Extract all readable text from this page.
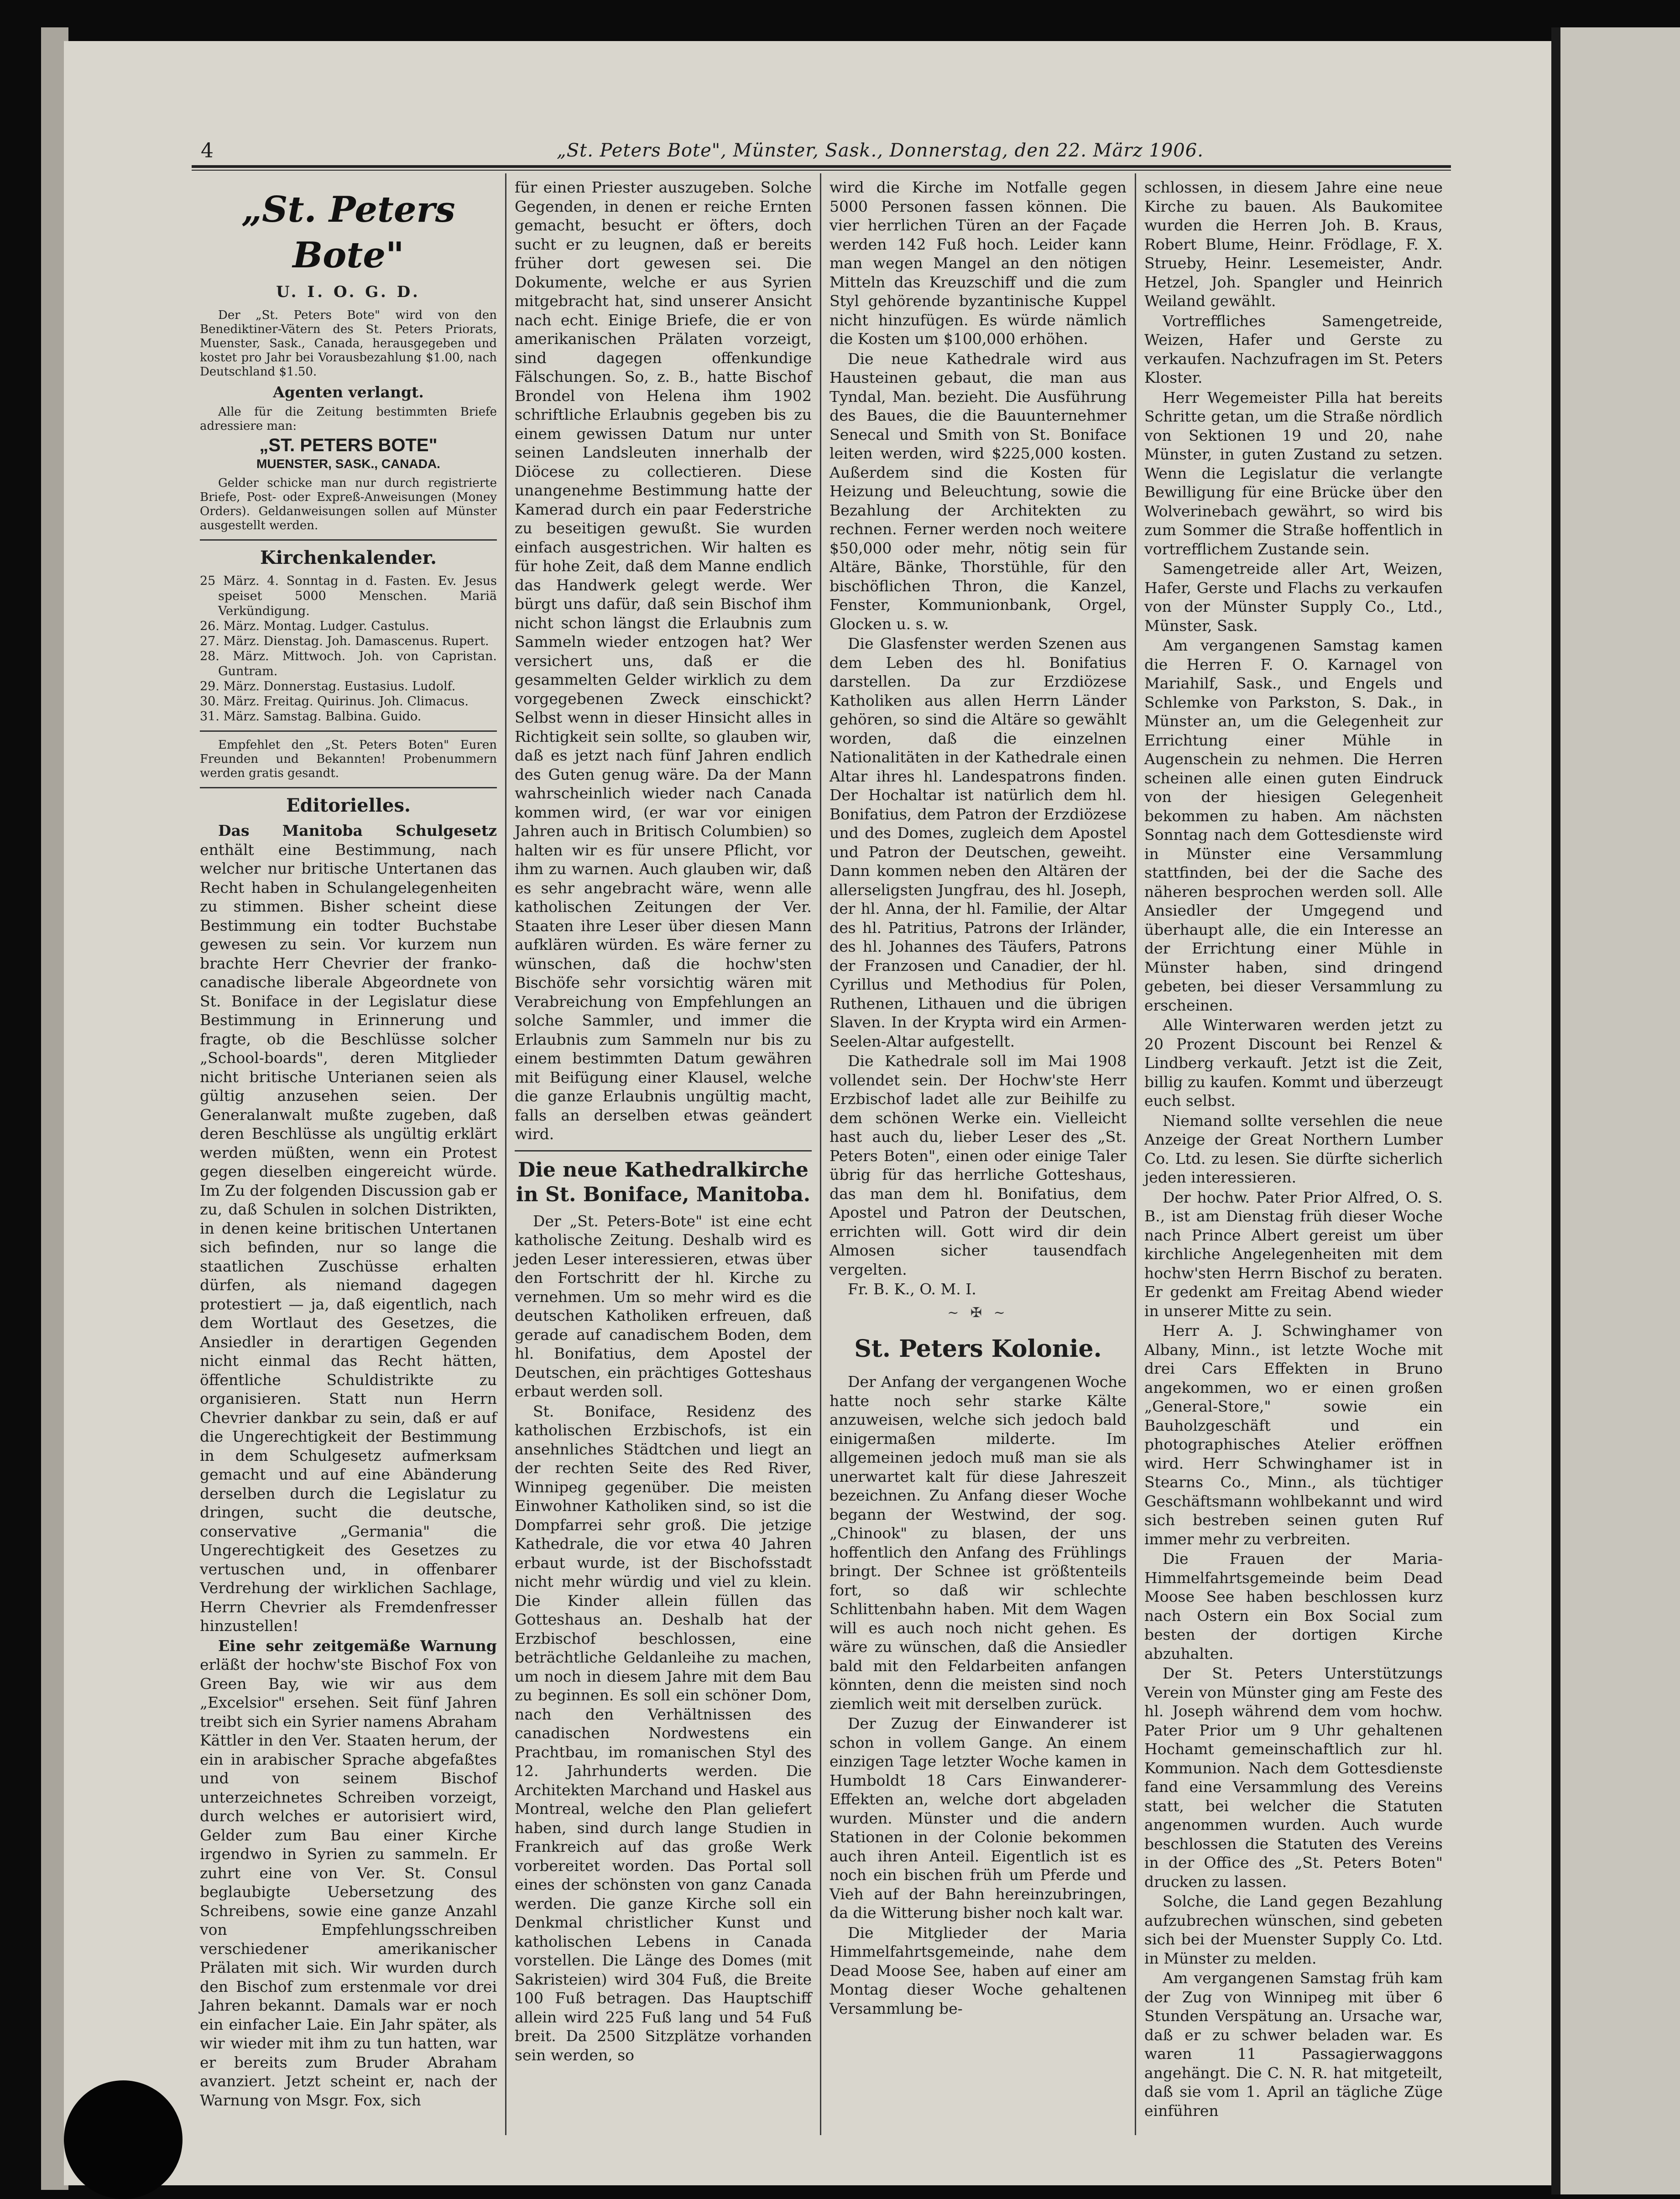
4	„St. Peters Bote", Münster, Sask., Donnerstag, den 22. März 1906.
„St. Peters Bote"
U. I. O. G. D.

Der „St. Peters Bote" wird von den Benediktiner-Vätern des St. Peters Priorats, Muenster, Sask., Canada, herausgegeben und kostet pro Jahr bei Vorausbezahlung $1.00, nach Deutschland $1.50.

Agenten verlangt.

Alle für die Zeitung bestimmten Briefe adressiere man:

„ST. PETERS BOTE"
MUENSTER, SASK., CANADA.

Gelder schicke man nur durch registrierte Briefe, Post- oder Expreß-Anweisungen (Money Orders). Geldanweisungen sollen auf Münster ausgestellt werden.

Kirchenkalender.
25 März. 4. Sonntag in d. Fasten. Ev. Jesus speiset 5000 Menschen. Mariä Verkündigung.
26. März. Montag. Ludger. Castulus.
27. März. Dienstag. Joh. Damascenus. Rupert.
28. März. Mittwoch. Joh. von Capristan. Guntram.
29. März. Donnerstag. Eustasius. Ludolf.
30. März. Freitag. Quirinus. Joh. Climacus.
31. März. Samstag. Balbina. Guido.

Empfehlet den „St. Peters Boten" Euren Freunden und Bekannten! Probenummern werden gratis gesandt.

Editorielles.

Das Manitoba Schulgesetz enthält eine Bestimmung, nach welcher nur britische Untertanen das Recht haben in Schulangelegenheiten zu stimmen. Bisher scheint diese Bestimmung ein todter Buchstabe gewesen zu sein. Vor kurzem nun brachte Herr Chevrier der franko-canadische liberale Abgeordnete von St. Boniface in der Legislatur diese Bestimmung in Erinnerung und fragte, ob die Beschlüsse solcher „School-boards", deren Mitglieder nicht britische Unterianen seien als gültig anzusehen seien. Der Generalanwalt mußte zugeben, daß deren Beschlüsse als ungültig erklärt werden müßten, wenn ein Protest gegen dieselben eingereicht würde. Im Zu der folgenden Discussion gab er zu, daß Schulen in solchen Distrikten, in denen keine britischen Untertanen sich befinden, nur so lange die staatlichen Zuschüsse erhalten dürfen, als niemand dagegen protestiert — ja, daß eigentlich, nach dem Wortlaut des Gesetzes, die Ansiedler in derartigen Gegenden nicht einmal das Recht hätten, öffentliche Schuldistrikte zu organisieren. Statt nun Herrn Chevrier dankbar zu sein, daß er auf die Ungerechtigkeit der Bestimmung in dem Schulgesetz aufmerksam gemacht und auf eine Abänderung derselben durch die Legislatur zu dringen, sucht die deutsche, conservative „Germania" die Ungerechtigkeit des Gesetzes zu vertuschen und, in offenbarer Verdrehung der wirklichen Sachlage, Herrn Chevrier als Fremdenfresser hinzustellen!

Eine sehr zeitgemäße Warnung erläßt der hochw'ste Bischof Fox von Green Bay, wie wir aus dem „Excelsior" ersehen. Seit fünf Jahren treibt sich ein Syrier namens Abraham Kättler in den Ver. Staaten herum, der ein in arabischer Sprache abgefaßtes und von seinem Bischof unterzeichnetes Schreiben vorzeigt, durch welches er autorisiert wird, Gelder zum Bau einer Kirche irgendwo in Syrien zu sammeln. Er zuhrt eine von Ver. St. Consul beglaubigte Uebersetzung des Schreibens, sowie eine ganze Anzahl von Empfehlungsschreiben verschiedener amerikanischer Prälaten mit sich. Wir wurden durch den Bischof zum erstenmale vor drei Jahren bekannt. Damals war er noch ein einfacher Laie. Ein Jahr später, als wir wieder mit ihm zu tun hatten, war er bereits zum Bruder Abraham avanziert. Jetzt scheint er, nach der Warnung von Msgr. Fox, sich

für einen Priester auszugeben. Solche Gegenden, in denen er reiche Ernten gemacht, besucht er öfters, doch sucht er zu leugnen, daß er bereits früher dort gewesen sei. Die Dokumente, welche er aus Syrien mitgebracht hat, sind unserer Ansicht nach echt. Einige Briefe, die er von amerikanischen Prälaten vorzeigt, sind dagegen offenkundige Fälschungen. So, z. B., hatte Bischof Brondel von Helena ihm 1902 schriftliche Erlaubnis gegeben bis zu einem gewissen Datum nur unter seinen Landsleuten innerhalb der Diöcese zu collectieren. Diese unangenehme Bestimmung hatte der Kamerad durch ein paar Federstriche zu beseitigen gewußt. Sie wurden einfach ausgestrichen. Wir halten es für hohe Zeit, daß dem Manne endlich das Handwerk gelegt werde. Wer bürgt uns dafür, daß sein Bischof ihm nicht schon längst die Erlaubnis zum Sammeln wieder entzogen hat? Wer versichert uns, daß er die gesammelten Gelder wirklich zu dem vorgegebenen Zweck einschickt? Selbst wenn in dieser Hinsicht alles in Richtigkeit sein sollte, so glauben wir, daß es jetzt nach fünf Jahren endlich des Guten genug wäre. Da der Mann wahrscheinlich wieder nach Canada kommen wird, (er war vor einigen Jahren auch in Britisch Columbien) so halten wir es für unsere Pflicht, vor ihm zu warnen. Auch glauben wir, daß es sehr angebracht wäre, wenn alle katholischen Zeitungen der Ver. Staaten ihre Leser über diesen Mann aufklären würden. Es wäre ferner zu wünschen, daß die hochw'sten Bischöfe sehr vorsichtig wären mit Verabreichung von Empfehlungen an solche Sammler, und immer die Erlaubnis zum Sammeln nur bis zu einem bestimmten Datum gewähren mit Beifügung einer Klausel, welche die ganze Erlaubnis ungültig macht, falls an derselben etwas geändert wird.

Die neue Kathedralkirche in St. Boniface, Manitoba.

Der „St. Peters-Bote" ist eine echt katholische Zeitung. Deshalb wird es jeden Leser interessieren, etwas über den Fortschritt der hl. Kirche zu vernehmen. Um so mehr wird es die deutschen Katholiken erfreuen, daß gerade auf canadischem Boden, dem hl. Bonifatius, dem Apostel der Deutschen, ein prächtiges Gotteshaus erbaut werden soll.

St. Boniface, Residenz des katholischen Erzbischofs, ist ein ansehnliches Städtchen und liegt an der rechten Seite des Red River, Winnipeg gegenüber. Die meisten Einwohner Katholiken sind, so ist die Dompfarrei sehr groß. Die jetzige Kathedrale, die vor etwa 40 Jahren erbaut wurde, ist der Bischofsstadt nicht mehr würdig und viel zu klein. Die Kinder allein füllen das Gotteshaus an. Deshalb hat der Erzbischof beschlossen, eine beträchtliche Geldanleihe zu machen, um noch in diesem Jahre mit dem Bau zu beginnen. Es soll ein schöner Dom, nach den Verhältnissen des canadischen Nordwestens ein Prachtbau, im romanischen Styl des 12. Jahrhunderts werden. Die Architekten Marchand und Haskel aus Montreal, welche den Plan geliefert haben, sind durch lange Studien in Frankreich auf das große Werk vorbereitet worden. Das Portal soll eines der schönsten von ganz Canada werden. Die ganze Kirche soll ein Denkmal christlicher Kunst und katholischen Lebens in Canada vorstellen. Die Länge des Domes (mit Sakristeien) wird 304 Fuß, die Breite 100 Fuß betragen. Das Hauptschiff allein wird 225 Fuß lang und 54 Fuß breit. Da 2500 Sitzplätze vorhanden sein werden, so

wird die Kirche im Notfalle gegen 5000 Personen fassen können. Die vier herrlichen Türen an der Façade werden 142 Fuß hoch. Leider kann man wegen Mangel an den nötigen Mitteln das Kreuzschiff und die zum Styl gehörende byzantinische Kuppel nicht hinzufügen. Es würde nämlich die Kosten um $100,000 erhöhen.

Die neue Kathedrale wird aus Hausteinen gebaut, die man aus Tyndal, Man. bezieht. Die Ausführung des Baues, die die Bauunternehmer Senecal und Smith von St. Boniface leiten werden, wird $225,000 kosten. Außerdem sind die Kosten für Heizung und Beleuchtung, sowie die Bezahlung der Architekten zu rechnen. Ferner werden noch weitere $50,000 oder mehr, nötig sein für Altäre, Bänke, Thorstühle, für den bischöflichen Thron, die Kanzel, Fenster, Kommunionbank, Orgel, Glocken u. s. w.

Die Glasfenster werden Szenen aus dem Leben des hl. Bonifatius darstellen. Da zur Erzdiözese Katholiken aus allen Herrn Länder gehören, so sind die Altäre so gewählt worden, daß die einzelnen Nationalitäten in der Kathedrale einen Altar ihres hl. Landespatrons finden. Der Hochaltar ist natürlich dem hl. Bonifatius, dem Patron der Erzdiözese und des Domes, zugleich dem Apostel und Patron der Deutschen, geweiht. Dann kommen neben den Altären der allerseligsten Jungfrau, des hl. Joseph, der hl. Anna, der hl. Familie, der Altar des hl. Patritius, Patrons der Irländer, des hl. Johannes des Täufers, Patrons der Franzosen und Canadier, der hl. Cyrillus und Methodius für Polen, Ruthenen, Lithauen und die übrigen Slaven. In der Krypta wird ein Armen-Seelen-Altar aufgestellt.

Die Kathedrale soll im Mai 1908 vollendet sein. Der Hochw'ste Herr Erzbischof ladet alle zur Beihilfe zu dem schönen Werke ein. Vielleicht hast auch du, lieber Leser des „St. Peters Boten", einen oder einige Taler übrig für das herrliche Gotteshaus, das man dem hl. Bonifatius, dem Apostel und Patron der Deutschen, errichten will. Gott wird dir dein Almosen sicher tausendfach vergelten.

Fr. B. K., O. M. I.

~ ✠ ~
St. Peters Kolonie.

Der Anfang der vergangenen Woche hatte noch sehr starke Kälte anzuweisen, welche sich jedoch bald einigermaßen milderte. Im allgemeinen jedoch muß man sie als unerwartet kalt für diese Jahreszeit bezeichnen. Zu Anfang dieser Woche begann der Westwind, der sog. „Chinook" zu blasen, der uns hoffentlich den Anfang des Frühlings bringt. Der Schnee ist größtenteils fort, so daß wir schlechte Schlittenbahn haben. Mit dem Wagen will es auch noch nicht gehen. Es wäre zu wünschen, daß die Ansiedler bald mit den Feldarbeiten anfangen könnten, denn die meisten sind noch ziemlich weit mit derselben zurück.

Der Zuzug der Einwanderer ist schon in vollem Gange. An einem einzigen Tage letzter Woche kamen in Humboldt 18 Cars Einwanderer-Effekten an, welche dort abgeladen wurden. Münster und die andern Stationen in der Colonie bekommen auch ihren Anteil. Eigentlich ist es noch ein bischen früh um Pferde und Vieh auf der Bahn hereinzubringen, da die Witterung bisher noch kalt war.

Die Mitglieder der Maria Himmelfahrtsgemeinde, nahe dem Dead Moose See, haben auf einer am Montag dieser Woche gehaltenen Versammlung be-

schlossen, in diesem Jahre eine neue Kirche zu bauen. Als Baukomitee wurden die Herren Joh. B. Kraus, Robert Blume, Heinr. Frödlage, F. X. Strueby, Heinr. Lesemeister, Andr. Hetzel, Joh. Spangler und Heinrich Weiland gewählt.

Vortreffliches Samengetreide, Weizen, Hafer und Gerste zu verkaufen. Nachzufragen im St. Peters Kloster.

Herr Wegemeister Pilla hat bereits Schritte getan, um die Straße nördlich von Sektionen 19 und 20, nahe Münster, in guten Zustand zu setzen. Wenn die Legislatur die verlangte Bewilligung für eine Brücke über den Wolverinebach gewährt, so wird bis zum Sommer die Straße hoffentlich in vortrefflichem Zustande sein.

Samengetreide aller Art, Weizen, Hafer, Gerste und Flachs zu verkaufen von der Münster Supply Co., Ltd., Münster, Sask.

Am vergangenen Samstag kamen die Herren F. O. Karnagel von Mariahilf, Sask., und Engels und Schlemke von Parkston, S. Dak., in Münster an, um die Gelegenheit zur Errichtung einer Mühle in Augenschein zu nehmen. Die Herren scheinen alle einen guten Eindruck von der hiesigen Gelegenheit bekommen zu haben. Am nächsten Sonntag nach dem Gottesdienste wird in Münster eine Versammlung stattfinden, bei der die Sache des näheren besprochen werden soll. Alle Ansiedler der Umgegend und überhaupt alle, die ein Interesse an der Errichtung einer Mühle in Münster haben, sind dringend gebeten, bei dieser Versammlung zu erscheinen.

Alle Winterwaren werden jetzt zu 20 Prozent Discount bei Renzel & Lindberg verkauft. Jetzt ist die Zeit, billig zu kaufen. Kommt und überzeugt euch selbst.

Niemand sollte versehlen die neue Anzeige der Great Northern Lumber Co. Ltd. zu lesen. Sie dürfte sicherlich jeden interessieren.

Der hochw. Pater Prior Alfred, O. S. B., ist am Dienstag früh dieser Woche nach Prince Albert gereist um über kirchliche Angelegenheiten mit dem hochw'sten Herrn Bischof zu beraten. Er gedenkt am Freitag Abend wieder in unserer Mitte zu sein.

Herr A. J. Schwinghamer von Albany, Minn., ist letzte Woche mit drei Cars Effekten in Bruno angekommen, wo er einen großen „General-Store," sowie ein Bauholzgeschäft und ein photographisches Atelier eröffnen wird. Herr Schwinghamer ist in Stearns Co., Minn., als tüchtiger Geschäftsmann wohlbekannt und wird sich bestreben seinen guten Ruf immer mehr zu verbreiten.

Die Frauen der Maria-Himmelfahrtsgemeinde beim Dead Moose See haben beschlossen kurz nach Ostern ein Box Social zum besten der dortigen Kirche abzuhalten.

Der St. Peters Unterstützungs Verein von Münster ging am Feste des hl. Joseph während dem vom hochw. Pater Prior um 9 Uhr gehaltenen Hochamt gemeinschaftlich zur hl. Kommunion. Nach dem Gottesdienste fand eine Versammlung des Vereins statt, bei welcher die Statuten angenommen wurden. Auch wurde beschlossen die Statuten des Vereins in der Office des „St. Peters Boten" drucken zu lassen.

Solche, die Land gegen Bezahlung aufzubrechen wünschen, sind gebeten sich bei der Muenster Supply Co. Ltd. in Münster zu melden.

Am vergangenen Samstag früh kam der Zug von Winnipeg mit über 6 Stunden Verspätung an. Ursache war, daß er zu schwer beladen war. Es waren 11 Passagierwaggons angehängt. Die C. N. R. hat mitgeteilt, daß sie vom 1. April an tägliche Züge einführen
